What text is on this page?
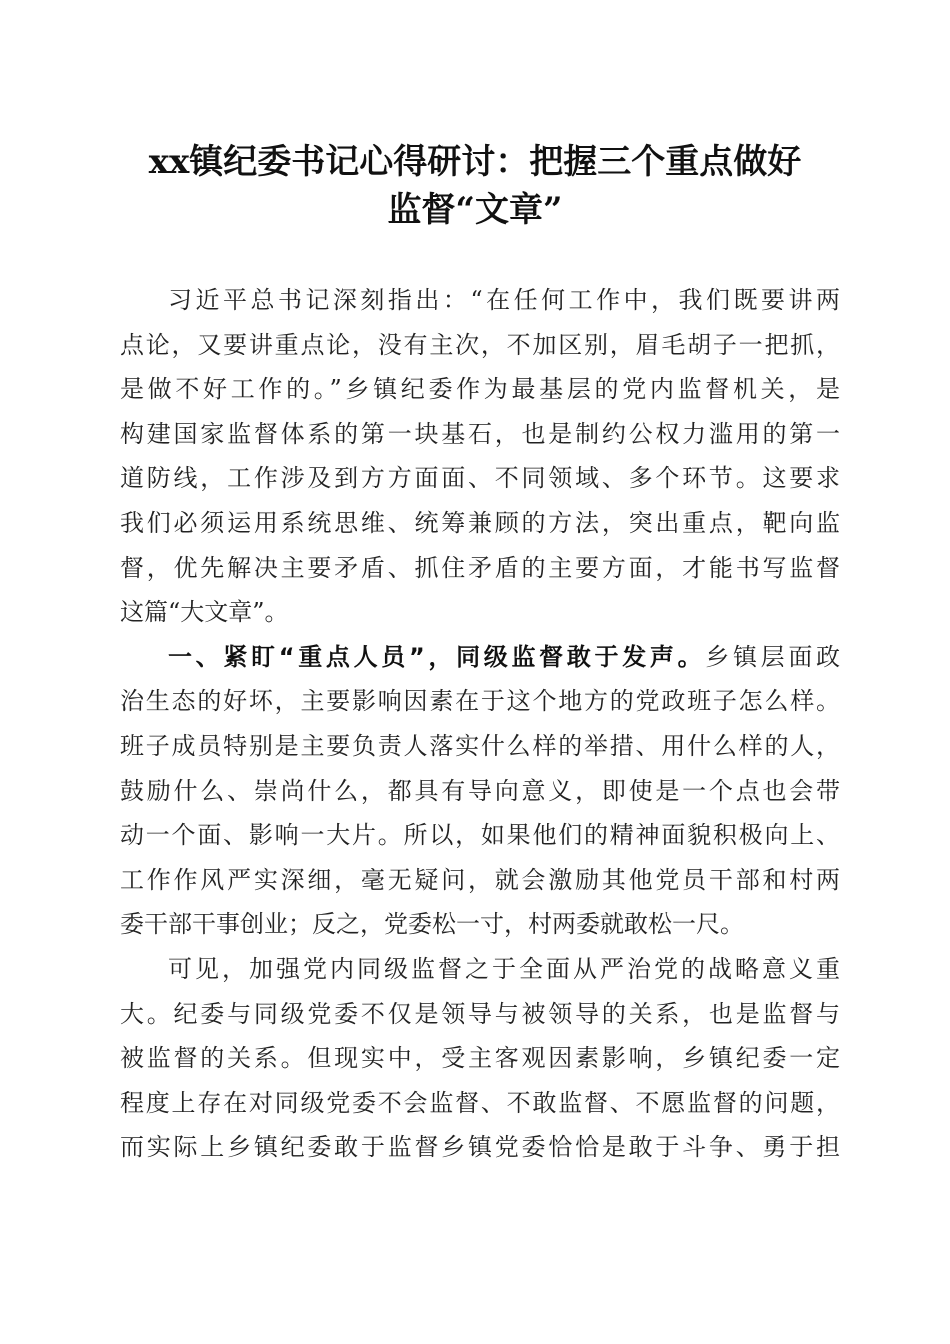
xx镇纪委书记心得研讨：把握三个重点做好
监督“文章”
习近平总书记深刻指出：“在任何工作中，我们既要讲两
点论，又要讲重点论，没有主次，不加区别，眉毛胡子一把抓，
是做不好工作的。”乡镇纪委作为最基层的党内监督机关，是
构建国家监督体系的第一块基石，也是制约公权力滥用的第一
道防线，工作涉及到方方面面、不同领域、多个环节。这要求
我们必须运用系统思维、统筹兼顾的方法，突出重点，靶向监
督，优先解决主要矛盾、抓住矛盾的主要方面，才能书写监督
这篇“大文章”。
一、紧盯“重点人员”，同级监督敢于发声。乡镇层面政
治生态的好坏，主要影响因素在于这个地方的党政班子怎么样。
班子成员特别是主要负责人落实什么样的举措、用什么样的人，
鼓励什么、崇尚什么，都具有导向意义，即使是一个点也会带
动一个面、影响一大片。所以，如果他们的精神面貌积极向上、
工作作风严实深细，毫无疑问，就会激励其他党员干部和村两
委干部干事创业；反之，党委松一寸，村两委就敢松一尺。
可见，加强党内同级监督之于全面从严治党的战略意义重
大。纪委与同级党委不仅是领导与被领导的关系，也是监督与
被监督的关系。但现实中，受主客观因素影响，乡镇纪委一定
程度上存在对同级党委不会监督、不敢监督、不愿监督的问题，
而实际上乡镇纪委敢于监督乡镇党委恰恰是敢于斗争、勇于担
